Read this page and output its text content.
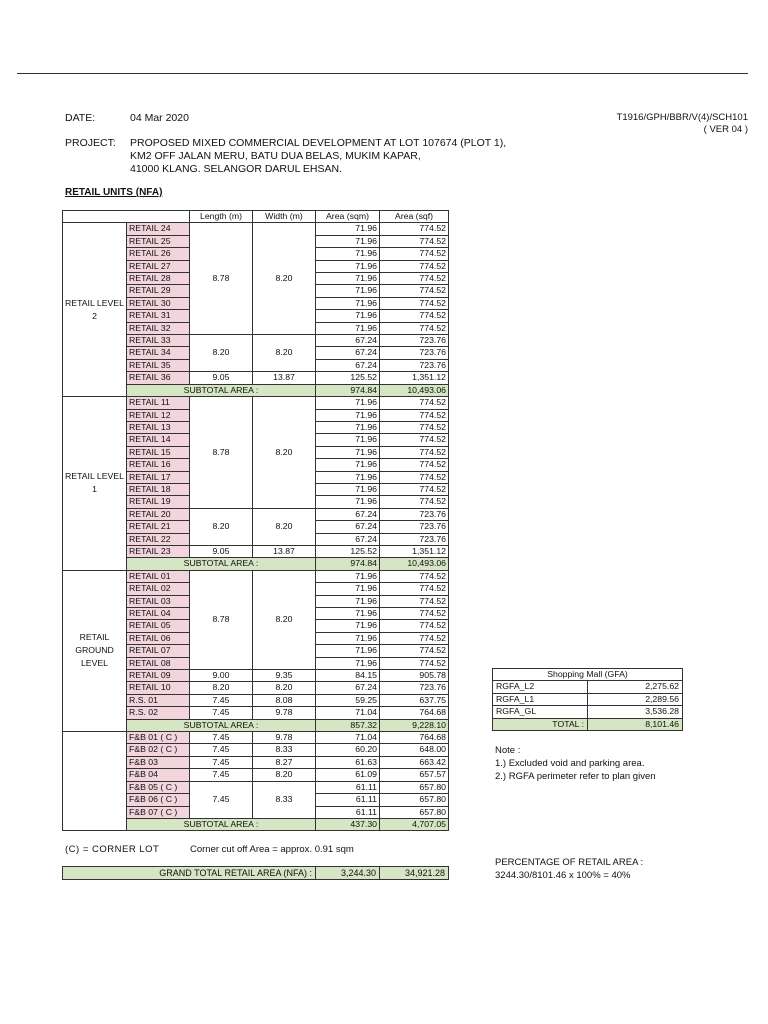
DATE:	04 Mar 2020	T1916/GPH/BBR/V(4)/SCH101
( VER 04 )
PROJECT: PROPOSED MIXED COMMERCIAL DEVELOPMENT AT LOT 107674 (PLOT 1),
KM2 OFF JALAN MERU, BATU DUA BELAS, MUKIM KAPAR,
41000 KLANG. SELANGOR DARUL EHSAN.
RETAIL UNITS (NFA)
		Length (m)	Width (m)	Area (sqm)	Area (sqf)
RETAIL LEVEL 2	RETAIL 24	8.78	8.20	71.96	774.52
	RETAIL 25			71.96	774.52
	RETAIL 26			71.96	774.52
	RETAIL 27			71.96	774.52
	RETAIL 28			71.96	774.52
	RETAIL 29			71.96	774.52
	RETAIL 30			71.96	774.52
	RETAIL 31			71.96	774.52
	RETAIL 32			71.96	774.52
	RETAIL 33	8.20	8.20	67.24	723.76
	RETAIL 34			67.24	723.76
	RETAIL 35			67.24	723.76
	RETAIL 36	9.05	13.87	125.52	1,351.12
	SUBTOTAL AREA :			974.84	10,493.06
RETAIL LEVEL 1	RETAIL 11	8.78	8.20	71.96	774.52
	RETAIL 12			71.96	774.52
	RETAIL 13			71.96	774.52
	RETAIL 14			71.96	774.52
	RETAIL 15			71.96	774.52
	RETAIL 16			71.96	774.52
	RETAIL 17			71.96	774.52
	RETAIL 18			71.96	774.52
	RETAIL 19			71.96	774.52
	RETAIL 20	8.20	8.20	67.24	723.76
	RETAIL 21			67.24	723.76
	RETAIL 22			67.24	723.76
	RETAIL 23	9.05	13.87	125.52	1,351.12
	SUBTOTAL AREA :			974.84	10,493.06
RETAIL GROUND LEVEL	RETAIL 01	8.78	8.20	71.96	774.52
	RETAIL 02			71.96	774.52
	RETAIL 03			71.96	774.52
	RETAIL 04			71.96	774.52
	RETAIL 05			71.96	774.52
	RETAIL 06			71.96	774.52
	RETAIL 07			71.96	774.52
	RETAIL 08			71.96	774.52
	RETAIL 09	9.00	9.35	84.15	905.78
	RETAIL 10	8.20	8.20	67.24	723.76
	R.S. 01	7.45	8.08	59.25	637.75
	R.S. 02	7.45	9.78	71.04	764.68
	SUBTOTAL AREA :			857.32	9,228.10
	F&B 01 ( C )	7.45	9.78	71.04	764.68
	F&B 02 ( C )	7.45	8.33	60.20	648.00
	F&B 03	7.45	8.27	61.63	663.42
	F&B 04	7.45	8.20	61.09	657.57
	F&B 05 ( C )	7.45	8.33	61.11	657.80
	F&B 06 ( C )			61.11	657.80
	F&B 07 ( C )			61.11	657.80
	SUBTOTAL AREA :			437.30	4,707.05
(C) = CORNER LOT	Corner cut off Area = approx. 0.91 sqm
GRAND TOTAL RETAIL AREA (NFA) :	3,244.30	34,921.28
Shopping Mall (GFA)	
RGFA_L2	2,275.62
RGFA_L1	2,289.56
RGFA_GL	3,536.28
TOTAL :	8,101.46
Note :
1.) Excluded void and parking area.
2.) RGFA perimeter refer to plan given
PERCENTAGE OF RETAIL AREA :
3244.30/8101.46 x 100% = 40%
